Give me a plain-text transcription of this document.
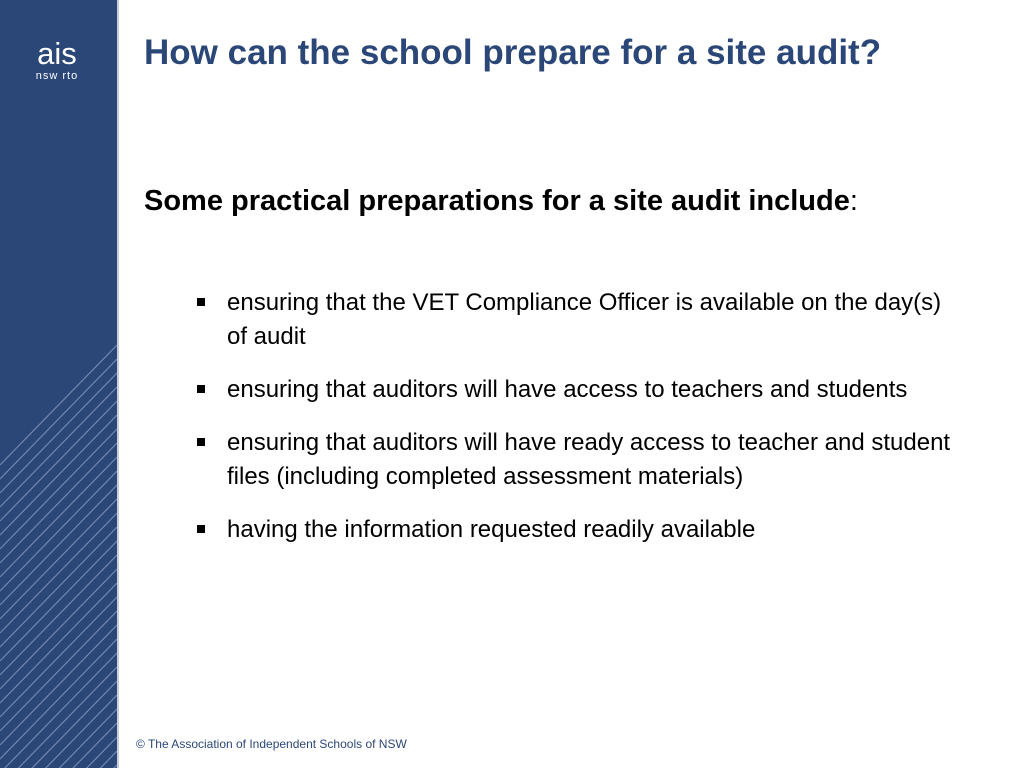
ais
nsw rto
How can the school prepare for a site audit?

Some practical preparations for a site audit include:

ensuring that the VET Compliance Officer is available on the day(s) of audit
ensuring that auditors will have access to teachers and students
ensuring that auditors will have ready access to teacher and student files (including completed assessment materials)
having the information requested readily available
© The Association of Independent Schools of NSW
